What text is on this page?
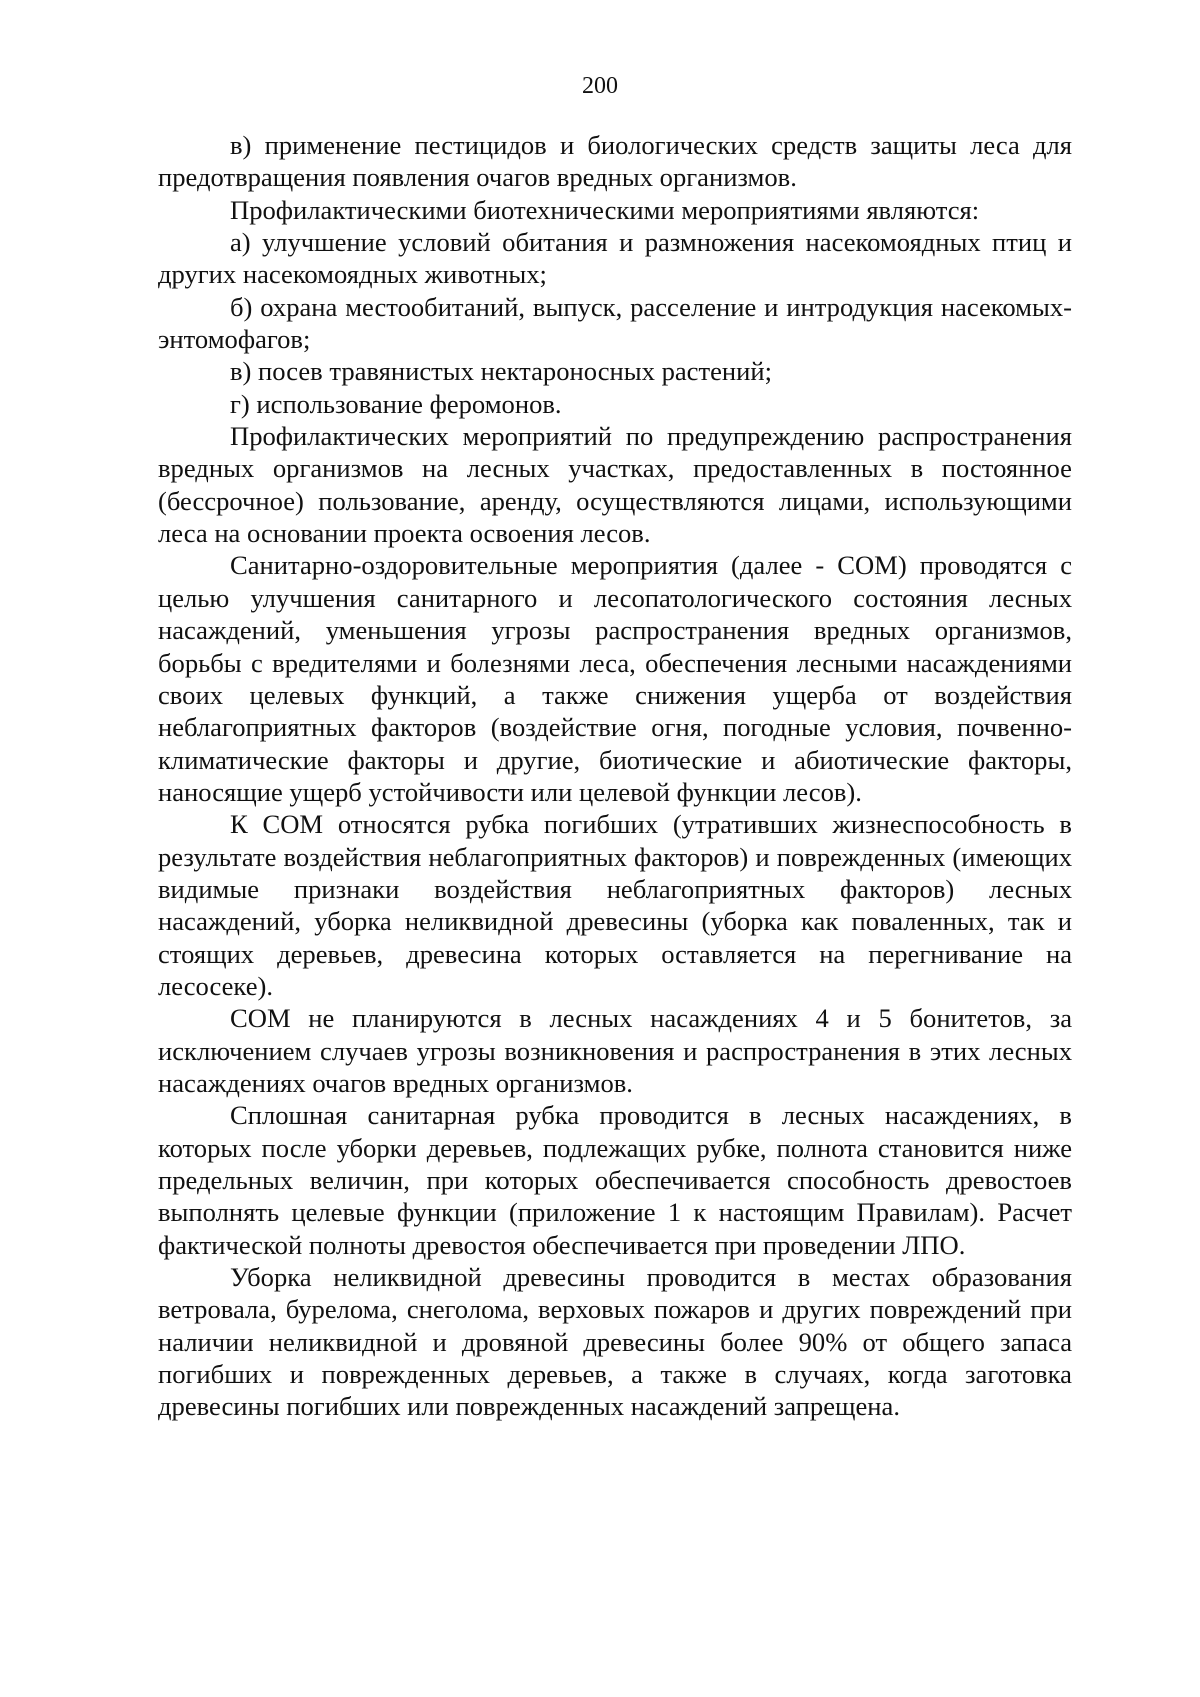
200

в) применение пестицидов и биологических средств защиты леса для предотвращения появления очагов вредных организмов.

Профилактическими биотехническими мероприятиями являются:

а) улучшение условий обитания и размножения насекомоядных птиц и других насекомоядных животных;

б) охрана местообитаний, выпуск, расселение и интродукция насекомых-энтомофагов;

в) посев травянистых нектароносных растений;

г) использование феромонов.

Профилактических мероприятий по предупреждению распространения вредных организмов на лесных участках, предоставленных в постоянное (бессрочное) пользование, аренду, осуществляются лицами, использующими леса на основании проекта освоения лесов.

Санитарно-оздоровительные мероприятия (далее - СОМ) проводятся с целью улучшения санитарного и лесопатологического состояния лесных насаждений, уменьшения угрозы распространения вредных организмов, борьбы с вредителями и болезнями леса, обеспечения лесными насаждениями своих целевых функций, а также снижения ущерба от воздействия неблагоприятных факторов (воздействие огня, погодные условия, почвенно-климатические факторы и другие, биотические и абиотические факторы, наносящие ущерб устойчивости или целевой функции лесов).

К СОМ относятся рубка погибших (утративших жизнеспособность в результате воздействия неблагоприятных факторов) и поврежденных (имеющих видимые признаки воздействия неблагоприятных факторов) лесных насаждений, уборка неликвидной древесины (уборка как поваленных, так и стоящих деревьев, древесина которых оставляется на перегнивание на лесосеке).

СОМ не планируются в лесных насаждениях 4 и 5 бонитетов, за исключением случаев угрозы возникновения и распространения в этих лесных насаждениях очагов вредных организмов.

Сплошная санитарная рубка проводится в лесных насаждениях, в которых после уборки деревьев, подлежащих рубке, полнота становится ниже предельных величин, при которых обеспечивается способность древостоев выполнять целевые функции (приложение 1 к настоящим Правилам). Расчет фактической полноты древостоя обеспечивается при проведении ЛПО.

Уборка неликвидной древесины проводится в местах образования ветровала, бурелома, снеголома, верховых пожаров и других повреждений при наличии неликвидной и дровяной древесины более 90% от общего запаса погибших и поврежденных деревьев, а также в случаях, когда заготовка древесины погибших или поврежденных насаждений запрещена.
